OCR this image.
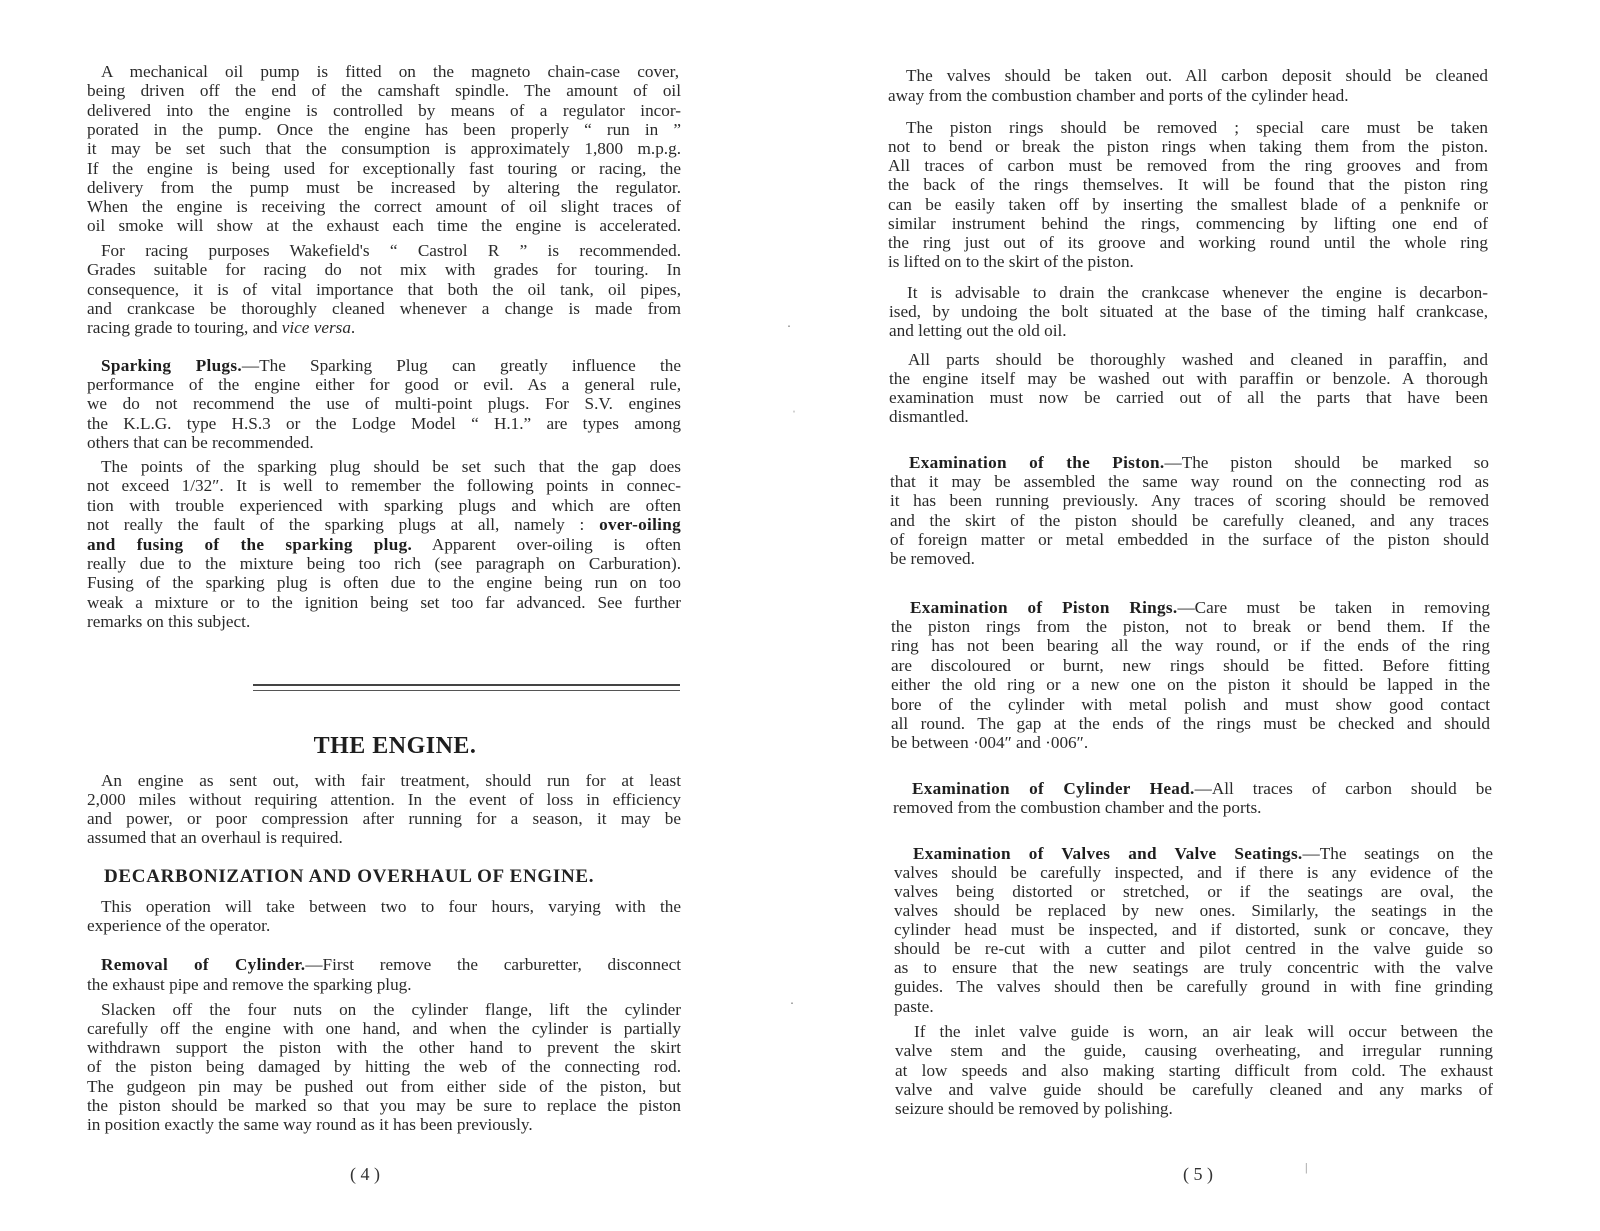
A mechanical oil pump is fitted on the magneto chain-case cover,
being driven off the end of the camshaft spindle. The amount of oil
delivered into the engine is controlled by means of a regulator incor-
porated in the pump. Once the engine has been properly “ run in ”
it may be set such that the consumption is approximately 1,800 m.p.g.
If the engine is being used for exceptionally fast touring or racing, the
delivery from the pump must be increased by altering the regulator.
When the engine is receiving the correct amount of oil slight traces of
oil smoke will show at the exhaust each time the engine is accelerated.
For racing purposes Wakefield's “ Castrol R ” is recommended.
Grades suitable for racing do not mix with grades for touring. In
consequence, it is of vital importance that both the oil tank, oil pipes,
and crankcase be thoroughly cleaned whenever a change is made from
racing grade to touring, and vice versa.
Sparking Plugs.—The Sparking Plug can greatly influence the
performance of the engine either for good or evil. As a general rule,
we do not recommend the use of multi-point plugs. For S.V. engines
the K.L.G. type H.S.3 or the Lodge Model “ H.1.” are types among
others that can be recommended.
The points of the sparking plug should be set such that the gap does
not exceed 1/32″. It is well to remember the following points in connec-
tion with trouble experienced with sparking plugs and which are often
not really the fault of the sparking plugs at all, namely : over-oiling
and fusing of the sparking plug. Apparent over-oiling is often
really due to the mixture being too rich (see paragraph on Carburation).
Fusing of the sparking plug is often due to the engine being run on too
weak a mixture or to the ignition being set too far advanced. See further
remarks on this subject.
THE ENGINE.
An engine as sent out, with fair treatment, should run for at least
2,000 miles without requiring attention. In the event of loss in efficiency
and power, or poor compression after running for a season, it may be
assumed that an overhaul is required.
DECARBONIZATION AND OVERHAUL OF ENGINE.
This operation will take between two to four hours, varying with the
experience of the operator.
Removal of Cylinder.—First remove the carburetter, disconnect
the exhaust pipe and remove the sparking plug.
Slacken off the four nuts on the cylinder flange, lift the cylinder
carefully off the engine with one hand, and when the cylinder is partially
withdrawn support the piston with the other hand to prevent the skirt
of the piston being damaged by hitting the web of the connecting rod.
The gudgeon pin may be pushed out from either side of the piston, but
the piston should be marked so that you may be sure to replace the piston
in position exactly the same way round as it has been previously.
( 4 )
․
ˈ
․
The valves should be taken out. All carbon deposit should be cleaned
away from the combustion chamber and ports of the cylinder head.
The piston rings should be removed ; special care must be taken
not to bend or break the piston rings when taking them from the piston.
All traces of carbon must be removed from the ring grooves and from
the back of the rings themselves. It will be found that the piston ring
can be easily taken off by inserting the smallest blade of a penknife or
similar instrument behind the rings, commencing by lifting one end of
the ring just out of its groove and working round until the whole ring
is lifted on to the skirt of the piston.
It is advisable to drain the crankcase whenever the engine is decarbon-
ised, by undoing the bolt situated at the base of the timing half crankcase,
and letting out the old oil.
All parts should be thoroughly washed and cleaned in paraffin, and
the engine itself may be washed out with paraffin or benzole. A thorough
examination must now be carried out of all the parts that have been
dismantled.
Examination of the Piston.—The piston should be marked so
that it may be assembled the same way round on the connecting rod as
it has been running previously. Any traces of scoring should be removed
and the skirt of the piston should be carefully cleaned, and any traces
of foreign matter or metal embedded in the surface of the piston should
be removed.
Examination of Piston Rings.—Care must be taken in removing
the piston rings from the piston, not to break or bend them. If the
ring has not been bearing all the way round, or if the ends of the ring
are discoloured or burnt, new rings should be fitted. Before fitting
either the old ring or a new one on the piston it should be lapped in the
bore of the cylinder with metal polish and must show good contact
all round. The gap at the ends of the rings must be checked and should
be between ·004″ and ·006″.
Examination of Cylinder Head.—All traces of carbon should be
removed from the combustion chamber and the ports.
Examination of Valves and Valve Seatings.—The seatings on the
valves should be carefully inspected, and if there is any evidence of the
valves being distorted or stretched, or if the seatings are oval, the
valves should be replaced by new ones. Similarly, the seatings in the
cylinder head must be inspected, and if distorted, sunk or concave, they
should be re-cut with a cutter and pilot centred in the valve guide so
as to ensure that the new seatings are truly concentric with the valve
guides. The valves should then be carefully ground in with fine grinding
paste.
If the inlet valve guide is worn, an air leak will occur between the
valve stem and the guide, causing overheating, and irregular running
at low speeds and also making starting difficult from cold. The exhaust
valve and valve guide should be carefully cleaned and any marks of
seizure should be removed by polishing.
( 5 )	|
